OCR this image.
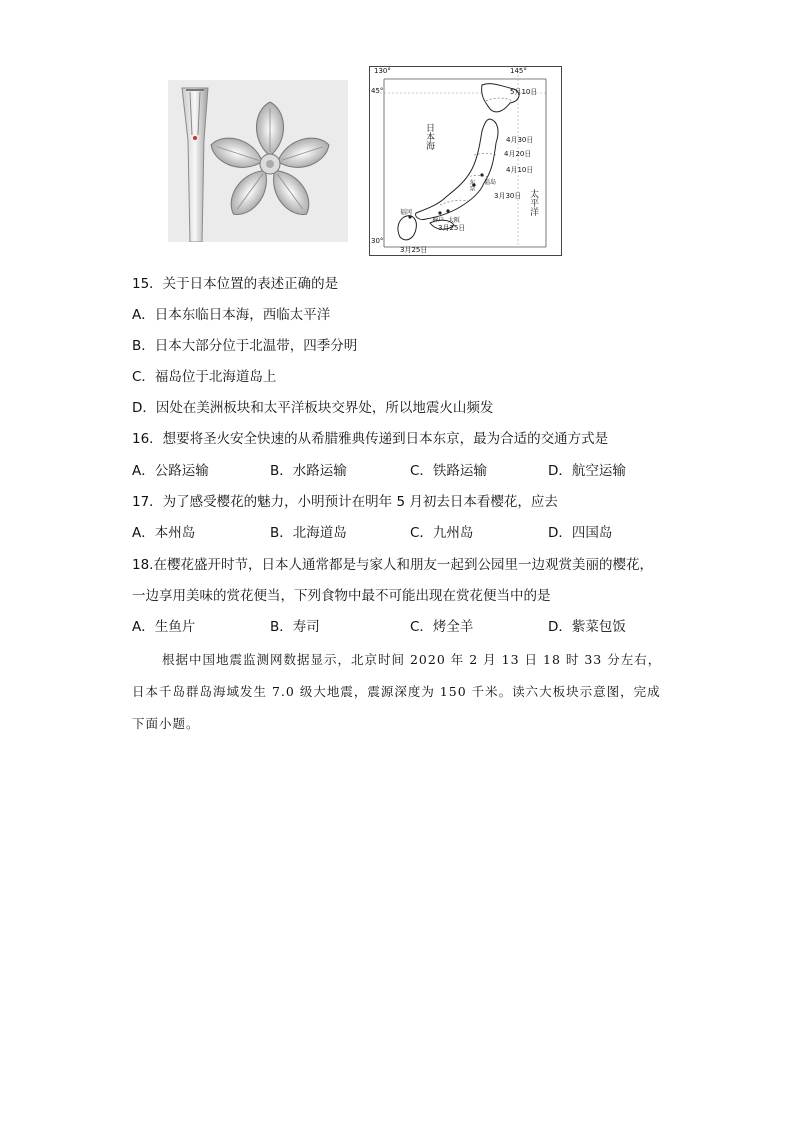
130°	145°
45°
30°
日本海
太平洋
5月10日
4月30日
4月20日
4月10日
3月30日
3月25日
3月25日
东京 福岛
神户 大阪
福冈
15．关于日本位置的表述正确的是
A．日本东临日本海，西临太平洋
B．日本大部分位于北温带，四季分明
C．福岛位于北海道岛上
D．因处在美洲板块和太平洋板块交界处，所以地震火山频发
16．想要将圣火安全快速的从希腊雅典传递到日本东京，最为合适的交通方式是
A．公路运输	B．水路运输	C．铁路运输	D．航空运输
17．为了感受樱花的魅力，小明预计在明年 5 月初去日本看樱花，应去
A．本州岛	B．北海道岛	C．九州岛	D．四国岛
18.在樱花盛开时节，日本人通常都是与家人和朋友一起到公园里一边观赏美丽的樱花，
一边享用美味的赏花便当，下列食物中最不可能出现在赏花便当中的是
A．生鱼片	B．寿司	C．烤全羊	D．紫菜包饭
根据中国地震监测网数据显示，北京时间 2020 年 2 月 13 日 18 时 33 分左右，日本千岛群岛海域发生 7.0 级大地震，震源深度为 150 千米。读六大板块示意图，完成下面小题。
